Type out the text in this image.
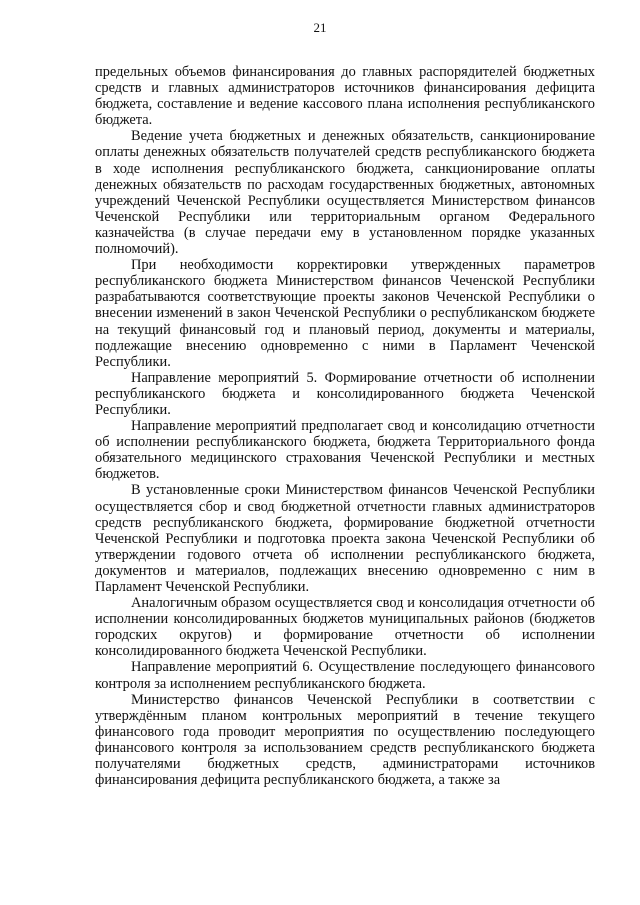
21

предельных объемов финансирования до главных распорядителей бюджетных средств и главных администраторов источников финансирования дефицита бюджета, составление и ведение кассового плана исполнения республиканского бюджета.

Ведение учета бюджетных и денежных обязательств, санкционирование оплаты денежных обязательств получателей средств республиканского бюджета в ходе исполнения республиканского бюджета, санкционирование оплаты денежных обязательств по расходам государственных бюджетных, автономных учреждений Чеченской Республики осуществляется Министерством финансов Чеченской Республики или территориальным органом Федерального казначейства (в случае передачи ему в установленном порядке указанных полномочий).

При необходимости корректировки утвержденных параметров республиканского бюджета Министерством финансов Чеченской Республики разрабатываются соответствующие проекты законов Чеченской Республики о внесении изменений в закон Чеченской Республики о республиканском бюджете на текущий финансовый год и плановый период, документы и материалы, подлежащие внесению одновременно с ними в Парламент Чеченской Республики.

Направление мероприятий 5. Формирование отчетности об исполнении республиканского бюджета и консолидированного бюджета Чеченской Республики.

Направление мероприятий предполагает свод и консолидацию отчетности об исполнении республиканского бюджета, бюджета Территориального фонда обязательного медицинского страхования Чеченской Республики и местных бюджетов.

В установленные сроки Министерством финансов Чеченской Республики осуществляется сбор и свод бюджетной отчетности главных администраторов средств республиканского бюджета, формирование бюджетной отчетности Чеченской Республики и подготовка проекта закона Чеченской Республики об утверждении годового отчета об исполнении республиканского бюджета, документов и материалов, подлежащих внесению одновременно с ним в Парламент Чеченской Республики.

Аналогичным образом осуществляется свод и консолидация отчетности об исполнении консолидированных бюджетов муниципальных районов (бюджетов городских округов) и формирование отчетности об исполнении консолидированного бюджета Чеченской Республики.

Направление мероприятий 6. Осуществление последующего финансового контроля за исполнением республиканского бюджета.

Министерство финансов Чеченской Республики в соответствии с утверждённым планом контрольных мероприятий в течение текущего финансового года проводит мероприятия по осуществлению последующего финансового контроля за использованием средств республиканского бюджета получателями бюджетных средств, администраторами источников финансирования дефицита республиканского бюджета, а также за
